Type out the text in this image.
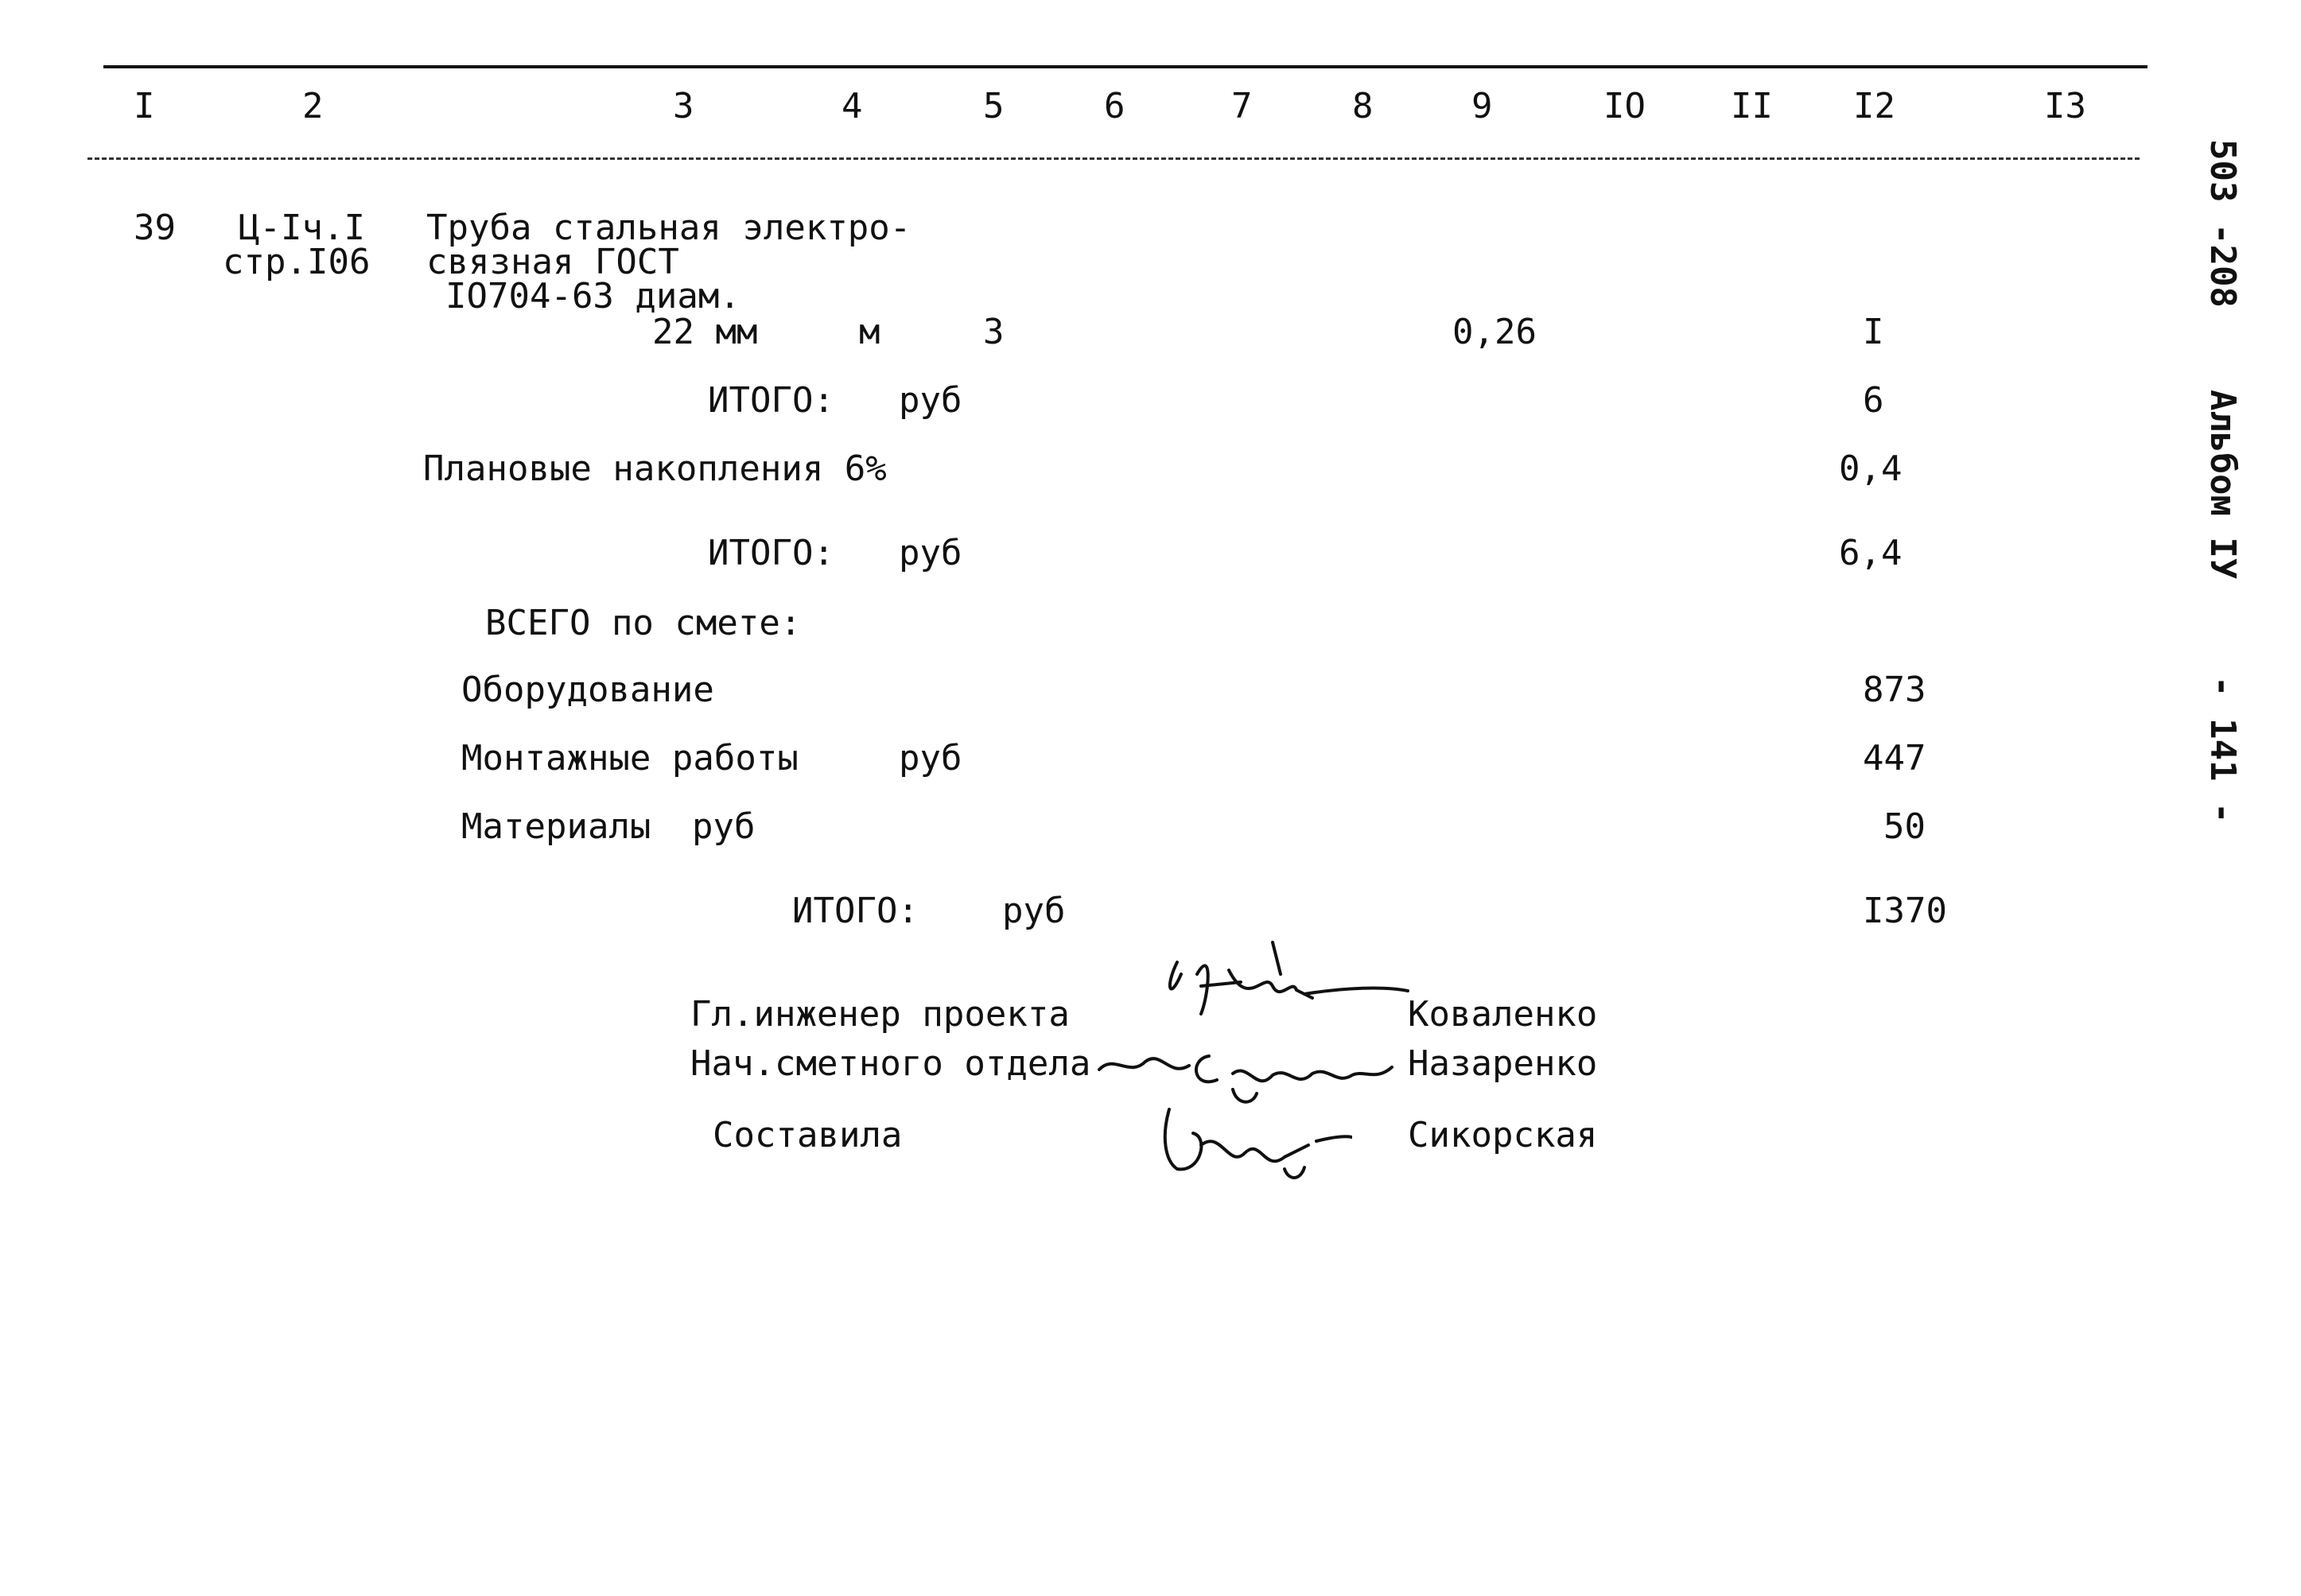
I	2	3	4	5	6	7	8	9	IO II I2	I3
503 -208
Альбом IУ
- 141 -
39 Ц-Iч.I
стр.I06
Труба стальная электро-
связная ГОСТ
IO704-63 диам.
22 мм	м	3	0,26	I
ИТОГО: руб	6
Плановые накопления 6%	0,4
ИТОГО: руб	6,4
ВСЕГО по смете:
Оборудование	873
Монтажные работы	руб	447
Материалы руб	50
ИТОГО: руб	I370
Гл.инженер проекта	Коваленко
Нач.сметного отдела	Назаренко
Составила	Сикорская
